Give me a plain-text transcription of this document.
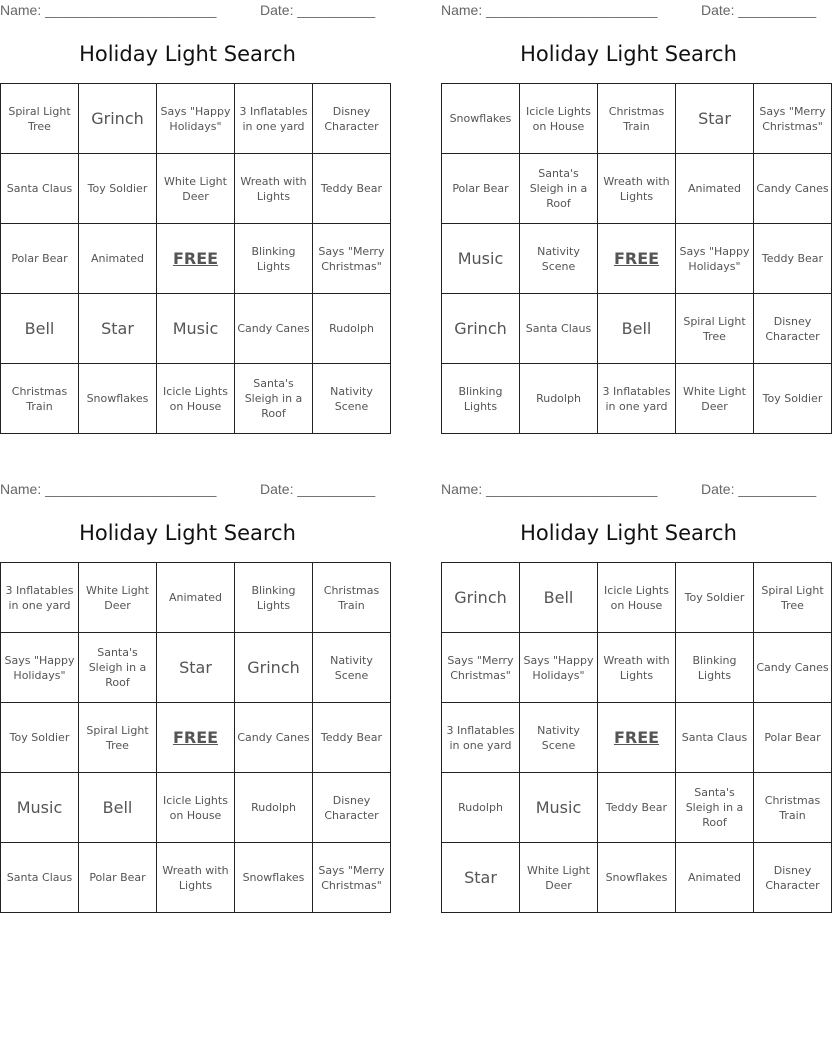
Name: ______________________	Date: __________
Holiday Light Search
Spiral Light Tree	Grinch	Says "Happy Holidays"	3 Inflatables in one yard	Disney Character
Santa Claus	Toy Soldier	White Light Deer	Wreath with Lights	Teddy Bear
Polar Bear	Animated	FREE	Blinking Lights	Says "Merry Christmas"
Bell	Star	Music	Candy Canes	Rudolph
Christmas Train	Snowflakes	Icicle Lights on House	Santa's Sleigh in a Roof	Nativity Scene
Name: ______________________	Date: __________
Holiday Light Search
Snowflakes	Icicle Lights on House	Christmas Train	Star	Says "Merry Christmas"
Polar Bear	Santa's Sleigh in a Roof	Wreath with Lights	Animated	Candy Canes
Music	Nativity Scene	FREE	Says "Happy Holidays"	Teddy Bear
Grinch	Santa Claus	Bell	Spiral Light Tree	Disney Character
Blinking Lights	Rudolph	3 Inflatables in one yard	White Light Deer	Toy Soldier
Name: ______________________	Date: __________
Holiday Light Search
3 Inflatables in one yard	White Light Deer	Animated	Blinking Lights	Christmas Train
Says "Happy Holidays"	Santa's Sleigh in a Roof	Star	Grinch	Nativity Scene
Toy Soldier	Spiral Light Tree	FREE	Candy Canes	Teddy Bear
Music	Bell	Icicle Lights on House	Rudolph	Disney Character
Santa Claus	Polar Bear	Wreath with Lights	Snowflakes	Says "Merry Christmas"
Name: ______________________	Date: __________
Holiday Light Search
Grinch	Bell	Icicle Lights on House	Toy Soldier	Spiral Light Tree
Says "Merry Christmas"	Says "Happy Holidays"	Wreath with Lights	Blinking Lights	Candy Canes
3 Inflatables in one yard	Nativity Scene	FREE	Santa Claus	Polar Bear
Rudolph	Music	Teddy Bear	Santa's Sleigh in a Roof	Christmas Train
Star	White Light Deer	Snowflakes	Animated	Disney Character
